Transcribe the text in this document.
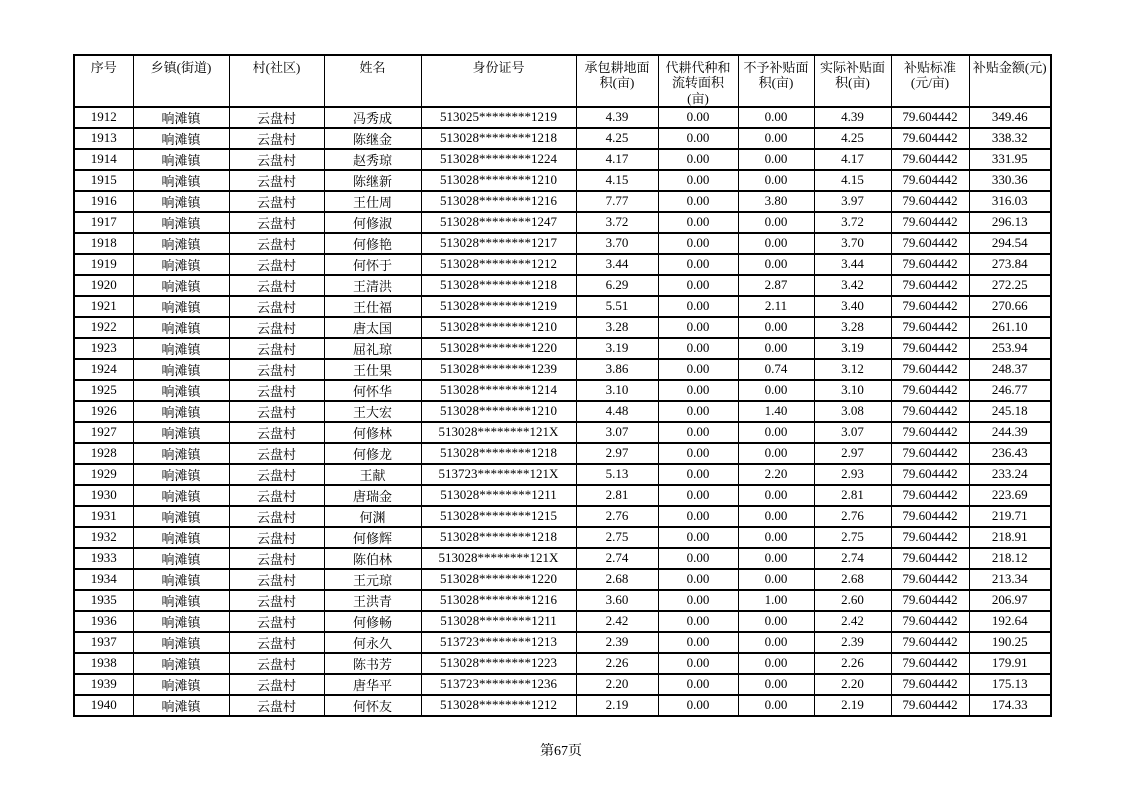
序号	乡镇(街道)	村(社区)	姓名	身份证号	承包耕地面积(亩)	代耕代种和流转面积(亩)	不予补贴面积(亩)	实际补贴面积(亩)	补贴标准(元/亩)	补贴金额(元)
1912	响滩镇	云盘村	冯秀成	513025********1219	4.39	0.00	0.00	4.39	79.604442	349.46
1913	响滩镇	云盘村	陈继金	513028********1218	4.25	0.00	0.00	4.25	79.604442	338.32
1914	响滩镇	云盘村	赵秀琼	513028********1224	4.17	0.00	0.00	4.17	79.604442	331.95
1915	响滩镇	云盘村	陈继新	513028********1210	4.15	0.00	0.00	4.15	79.604442	330.36
1916	响滩镇	云盘村	王仕周	513028********1216	7.77	0.00	3.80	3.97	79.604442	316.03
1917	响滩镇	云盘村	何修淑	513028********1247	3.72	0.00	0.00	3.72	79.604442	296.13
1918	响滩镇	云盘村	何修艳	513028********1217	3.70	0.00	0.00	3.70	79.604442	294.54
1919	响滩镇	云盘村	何怀于	513028********1212	3.44	0.00	0.00	3.44	79.604442	273.84
1920	响滩镇	云盘村	王清洪	513028********1218	6.29	0.00	2.87	3.42	79.604442	272.25
1921	响滩镇	云盘村	王仕福	513028********1219	5.51	0.00	2.11	3.40	79.604442	270.66
1922	响滩镇	云盘村	唐太国	513028********1210	3.28	0.00	0.00	3.28	79.604442	261.10
1923	响滩镇	云盘村	屈礼琼	513028********1220	3.19	0.00	0.00	3.19	79.604442	253.94
1924	响滩镇	云盘村	王仕果	513028********1239	3.86	0.00	0.74	3.12	79.604442	248.37
1925	响滩镇	云盘村	何怀华	513028********1214	3.10	0.00	0.00	3.10	79.604442	246.77
1926	响滩镇	云盘村	王大宏	513028********1210	4.48	0.00	1.40	3.08	79.604442	245.18
1927	响滩镇	云盘村	何修林	513028********121X	3.07	0.00	0.00	3.07	79.604442	244.39
1928	响滩镇	云盘村	何修龙	513028********1218	2.97	0.00	0.00	2.97	79.604442	236.43
1929	响滩镇	云盘村	王献	513723********121X	5.13	0.00	2.20	2.93	79.604442	233.24
1930	响滩镇	云盘村	唐瑞金	513028********1211	2.81	0.00	0.00	2.81	79.604442	223.69
1931	响滩镇	云盘村	何渊	513028********1215	2.76	0.00	0.00	2.76	79.604442	219.71
1932	响滩镇	云盘村	何修辉	513028********1218	2.75	0.00	0.00	2.75	79.604442	218.91
1933	响滩镇	云盘村	陈伯林	513028********121X	2.74	0.00	0.00	2.74	79.604442	218.12
1934	响滩镇	云盘村	王元琼	513028********1220	2.68	0.00	0.00	2.68	79.604442	213.34
1935	响滩镇	云盘村	王洪青	513028********1216	3.60	0.00	1.00	2.60	79.604442	206.97
1936	响滩镇	云盘村	何修畅	513028********1211	2.42	0.00	0.00	2.42	79.604442	192.64
1937	响滩镇	云盘村	何永久	513723********1213	2.39	0.00	0.00	2.39	79.604442	190.25
1938	响滩镇	云盘村	陈书芳	513028********1223	2.26	0.00	0.00	2.26	79.604442	179.91
1939	响滩镇	云盘村	唐华平	513723********1236	2.20	0.00	0.00	2.20	79.604442	175.13
1940	响滩镇	云盘村	何怀友	513028********1212	2.19	0.00	0.00	2.19	79.604442	174.33
第67页
